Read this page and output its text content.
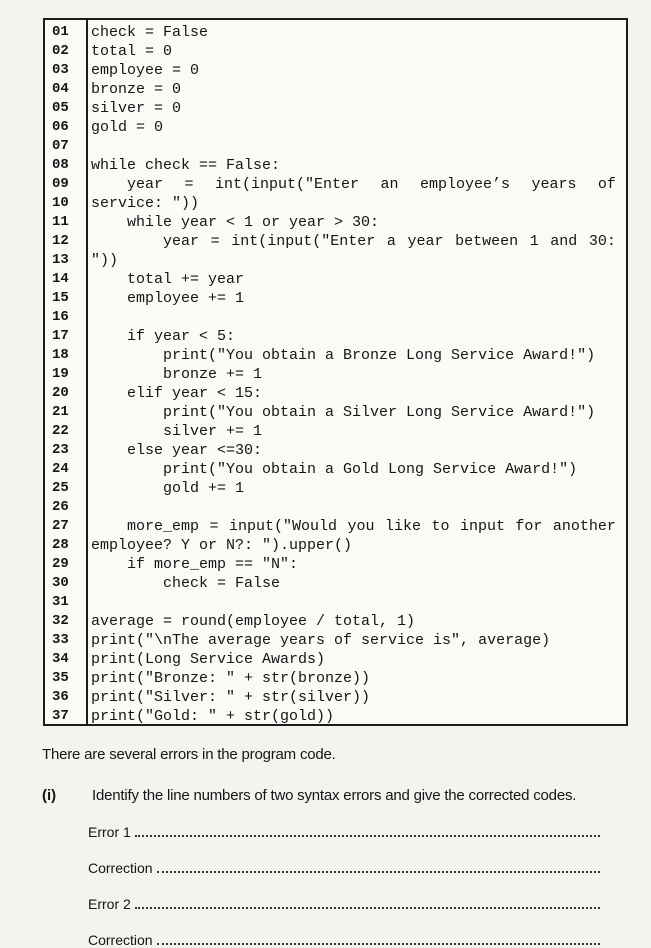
01	check = False
02	total = 0
03	employee = 0
04	bronze = 0
05	silver = 0
06	gold = 0
07
08	while check == False:
09	year = int(input("Enter an employee’s years of
10	service: "))
11	while year < 1 or year > 30:
12	year = int(input("Enter a year between 1 and 30:
13	"))
14	total += year
15	employee += 1
16
17	if year < 5:
18	print("You obtain a Bronze Long Service Award!")
19	bronze += 1
20	elif year < 15:
21	print("You obtain a Silver Long Service Award!")
22	silver += 1
23	else year <=30:
24	print("You obtain a Gold Long Service Award!")
25	gold += 1
26
27	more_emp = input("Would you like to input for another
28	employee? Y or N?: ").upper()
29	if more_emp == "N":
30	check = False
31
32	average = round(employee / total, 1)
33	print("\nThe average years of service is", average)
34	print(Long Service Awards)
35	print("Bronze: " + str(bronze))
36	print("Silver: " + str(silver))
37	print("Gold: " + str(gold))
There are several errors in the program code.
(i) Identify the line numbers of two syntax errors and give the corrected codes.
Error 1
Correction
Error 2
Correction
